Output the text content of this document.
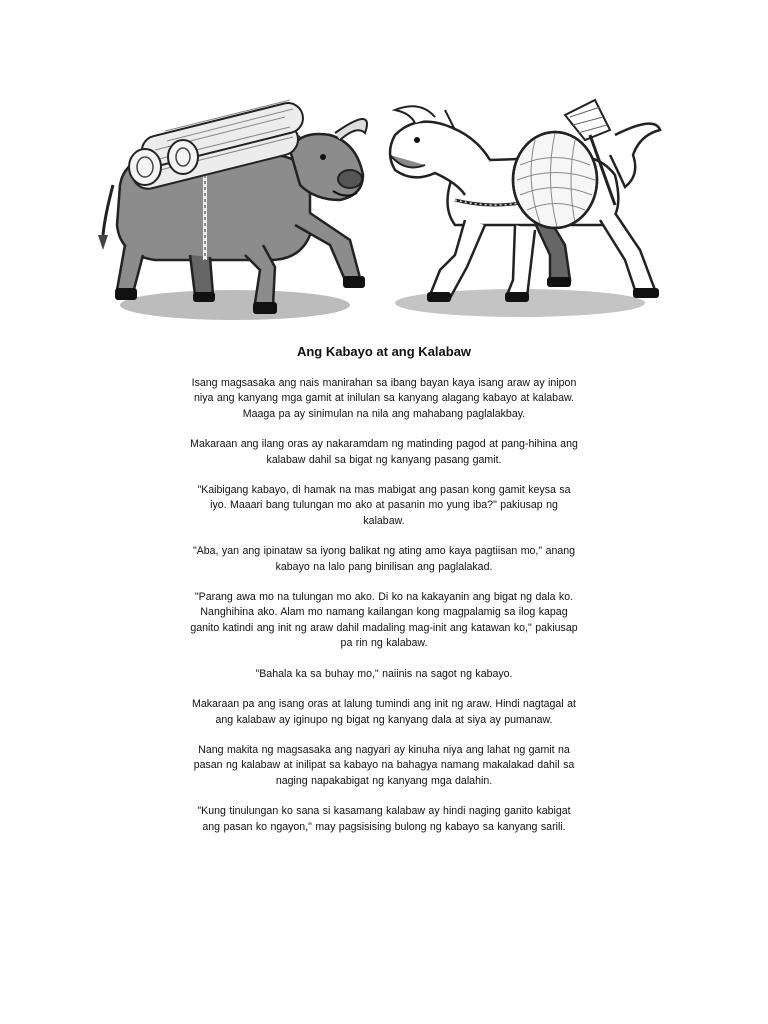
Ang Kabayo at ang Kalabaw

Isang magsasaka ang nais manirahan sa ibang bayan kaya isang araw ay inipon niya ang kanyang mga gamit at inilulan sa kanyang alagang kabayo at kalabaw. Maaga pa ay sinimulan na nila ang mahabang paglalakbay.

Makaraan ang ilang oras ay nakaramdam ng matinding pagod at pang-hihina ang kalabaw dahil sa bigat ng kanyang pasang gamit.

"Kaibigang kabayo, di hamak na mas mabigat ang pasan kong gamit keysa sa iyo. Maaari bang tulungan mo ako at pasanin mo yung iba?" pakiusap ng kalabaw.

"Aba, yan ang ipinataw sa iyong balikat ng ating amo kaya pagtiisan mo," anang kabayo na lalo pang binilisan ang paglalakad.

"Parang awa mo na tulungan mo ako. Di ko na kakayanin ang bigat ng dala ko. Nanghihina ako. Alam mo namang kailangan kong magpalamig sa ilog kapag ganito katindi ang init ng araw dahil madaling mag-init ang katawan ko," pakiusap pa rin ng kalabaw.

"Bahala ka sa buhay mo," naiinis na sagot ng kabayo.

Makaraan pa ang isang oras at lalung tumindi ang init ng araw. Hindi nagtagal at ang kalabaw ay iginupo ng bigat ng kanyang dala at siya ay pumanaw.

Nang makita ng magsasaka ang nagyari ay kinuha niya ang lahat ng gamit na pasan ng kalabaw at inilipat sa kabayo na bahagya namang makalakad dahil sa naging napakabigat ng kanyang mga dalahin.

"Kung tinulungan ko sana si kasamang kalabaw ay hindi naging ganito kabigat ang pasan ko ngayon," may pagsisising bulong ng kabayo sa kanyang sarili.
